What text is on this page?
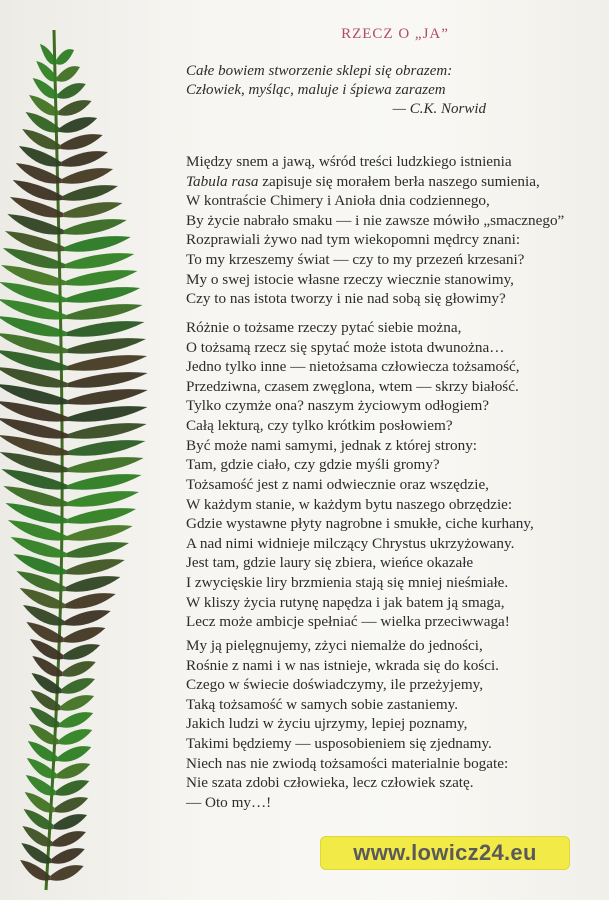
RZECZ O „JA”
Całe bowiem stworzenie sklepi się obrazem:
Człowiek, myśląc, maluje i śpiewa zarazem
— C.K. Norwid
Między snem a jawą, wśród treści ludzkiego istnienia
Tabula rasa zapisuje się morałem berła naszego sumienia,
W kontraście Chimery i Anioła dnia codziennego,
By życie nabrało smaku — i nie zawsze mówiło „smacznego”
Rozprawiali żywo nad tym wiekopomni mędrcy znani:
To my krzeszemy świat — czy to my przezeń krzesani?
My o swej istocie własne rzeczy wiecznie stanowimy,
Czy to nas istota tworzy i nie nad sobą się głowimy?
Różnie o tożsame rzeczy pytać siebie można,
O tożsamą rzecz się spytać może istota dwunożna…
Jedno tylko inne — nietożsama człowiecza tożsamość,
Przedziwna, czasem zwęglona, wtem — skrzy białość.
Tylko czymże ona? naszym życiowym odłogiem?
Całą lekturą, czy tylko krótkim posłowiem?
Być może nami samymi, jednak z której strony:
Tam, gdzie ciało, czy gdzie myśli gromy?
Tożsamość jest z nami odwiecznie oraz wszędzie,
W każdym stanie, w każdym bytu naszego obrzędzie:
Gdzie wystawne płyty nagrobne i smukłe, ciche kurhany,
A nad nimi widnieje milczący Chrystus ukrzyżowany.
Jest tam, gdzie laury się zbiera, wieńce okazałe
I zwycięskie liry brzmienia stają się mniej nieśmiałe.
W kliszy życia rutynę napędza i jak batem ją smaga,
Lecz może ambicje spełniać — wielka przeciwwaga!
My ją pielęgnujemy, zżyci niemalże do jedności,
Rośnie z nami i w nas istnieje, wkrada się do kości.
Czego w świecie doświadczymy, ile przeżyjemy,
Taką tożsamość w samych sobie zastaniemy.
Jakich ludzi w życiu ujrzymy, lepiej poznamy,
Takimi będziemy — usposobieniem się zjednamy.
Niech nas nie zwiodą tożsamości materialnie bogate:
Nie szata zdobi człowieka, lecz człowiek szatę.
— Oto my…!
www.lowicz24.eu
